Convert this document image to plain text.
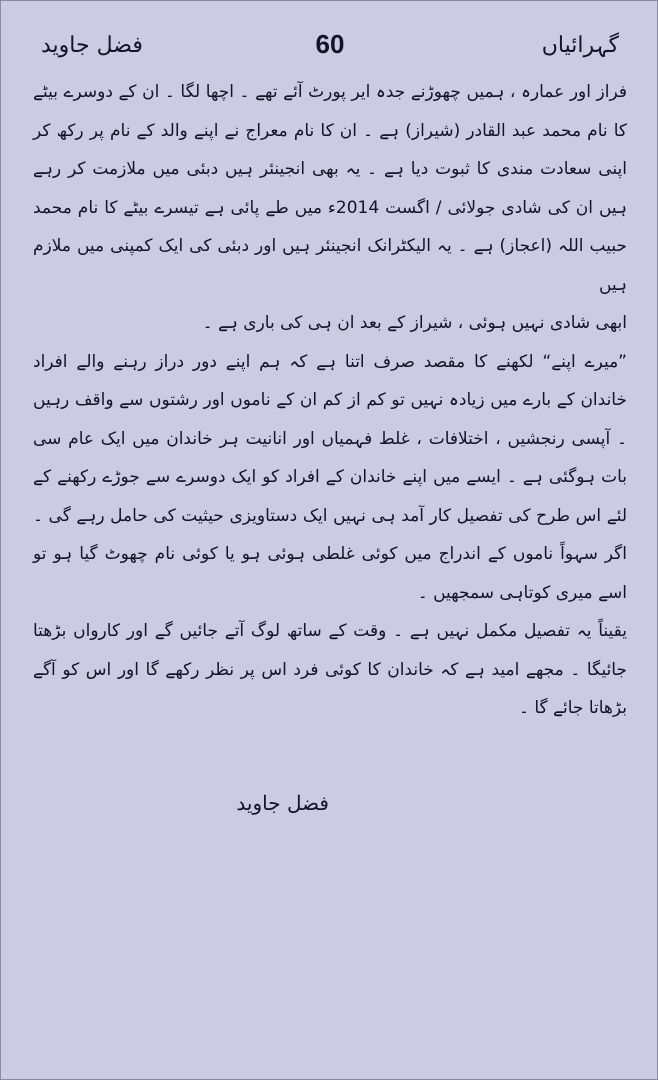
فضل جاوید	60	گہرائیاں

فراز اور عمارہ ، ہمیں چھوڑنے جدہ ایر پورٹ آئے تھے ۔ اچھا لگا ۔ ان کے دوسرے بیٹے کا نام محمد عبد القادر (شیراز) ہے ۔ ان کا نام معراج نے اپنے والد کے نام پر رکھ کر اپنی سعادت مندی کا ثبوت دیا ہے ۔ یہ بھی انجینئر ہیں دبئی میں ملازمت کر رہے ہیں ان کی شادی جولائی / اگست 2014ء میں طے پائی ہے تیسرے بیٹے کا نام محمد حبیب اللہ (اعجاز) ہے ۔ یہ الیکٹرانک انجینئر ہیں اور دبئی کی ایک کمپنی میں ملازم ہیں

ابھی شادی نہیں ہوئی ، شیراز کے بعد ان ہی کی باری ہے ۔

”میرے اپنے“ لکھنے کا مقصد صرف اتنا ہے کہ ہم اپنے دور دراز رہنے والے افراد خاندان کے بارے میں زیادہ نہیں تو کم از کم ان کے ناموں اور رشتوں سے واقف رہیں ۔ آپسی رنجشیں ، اختلافات ، غلط فہمیاں اور انانیت ہر خاندان میں ایک عام سی بات ہوگئی ہے ۔ ایسے میں اپنے خاندان کے افراد کو ایک دوسرے سے جوڑے رکھنے کے لئے اس طرح کی تفصیل کار آمد ہی نہیں ایک دستاویزی حیثیت کی حامل رہے گی ۔ اگر سہواً ناموں کے اندراج میں کوئی غلطی ہوئی ہو یا کوئی نام چھوٹ گیا ہو تو اسے میری کوتاہی سمجھیں ۔

یقیناً یہ تفصیل مکمل نہیں ہے ۔ وقت کے ساتھ لوگ آتے جائیں گے اور کارواں بڑھتا جائیگا ۔ مجھے امید ہے کہ خاندان کا کوئی فرد اس پر نظر رکھے گا اور اس کو آگے بڑھاتا جائے گا ۔

فضل جاوید
